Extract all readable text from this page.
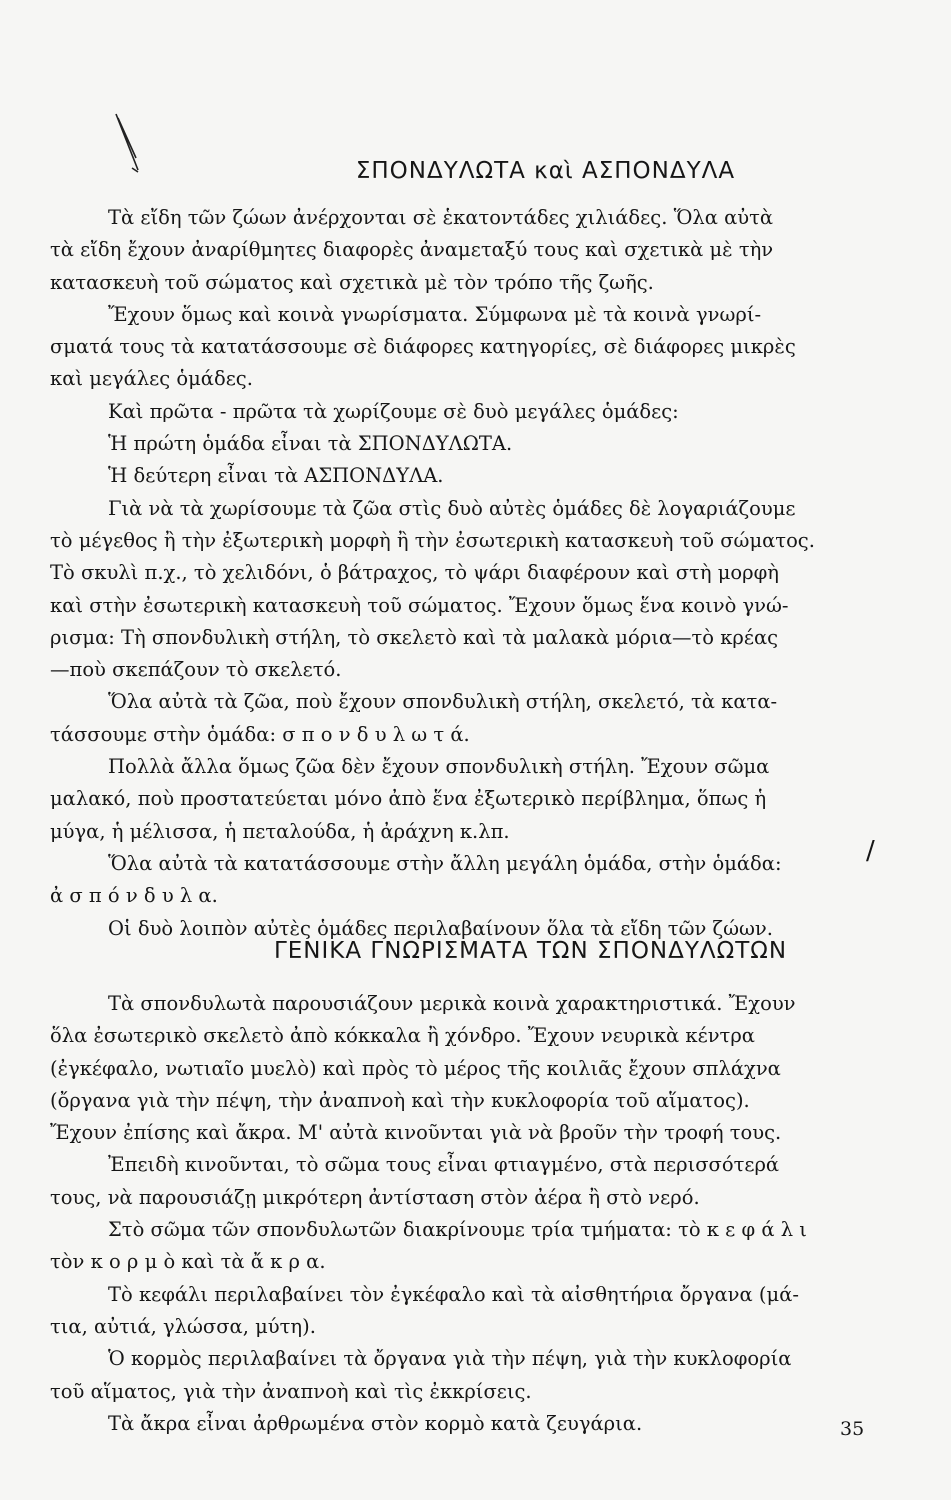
ΣΠΟΝΔΥΛΩΤΑ καὶ ΑΣΠΟΝΔΥΛΑ
Τὰ εἴδη τῶν ζώων ἀνέρχονται σὲ ἑκατοντάδες χιλιάδες. Ὅλα αὐτὰ
τὰ εἴδη ἔχουν ἀναρίθμητες διαφορὲς ἀναμεταξύ τους καὶ σχετικὰ μὲ τὴν
κατασκευὴ τοῦ σώματος καὶ σχετικὰ μὲ τὸν τρόπο τῆς ζωῆς.
Ἔχουν ὅμως καὶ κοινὰ γνωρίσματα. Σύμφωνα μὲ τὰ κοινὰ γνωρί-
σματά τους τὰ κατατάσσουμε σὲ διάφορες κατηγορίες, σὲ διάφορες μικρὲς
καὶ μεγάλες ὁμάδες.
Καὶ πρῶτα - πρῶτα τὰ χωρίζουμε σὲ δυὸ μεγάλες ὁμάδες:
Ἡ πρώτη ὁμάδα εἶναι τὰ ΣΠΟΝΔΥΛΩΤΑ.
Ἡ δεύτερη εἶναι τὰ ΑΣΠΟΝΔΥΛΑ.
Γιὰ νὰ τὰ χωρίσουμε τὰ ζῶα στὶς δυὸ αὐτὲς ὁμάδες δὲ λογαριάζουμε
τὸ μέγεθος ἢ τὴν ἐξωτερικὴ μορφὴ ἢ τὴν ἐσωτερικὴ κατασκευὴ τοῦ σώματος.
Τὸ σκυλὶ π.χ., τὸ χελιδόνι, ὁ βάτραχος, τὸ ψάρι διαφέρουν καὶ στὴ μορφὴ
καὶ στὴν ἐσωτερικὴ κατασκευὴ τοῦ σώματος. Ἔχουν ὅμως ἕνα κοινὸ γνώ-
ρισμα: Τὴ σπονδυλικὴ στήλη, τὸ σκελετὸ καὶ τὰ μαλακὰ μόρια—τὸ κρέας
—ποὺ σκεπάζουν τὸ σκελετό.
Ὅλα αὐτὰ τὰ ζῶα, ποὺ ἔχουν σπονδυλικὴ στήλη, σκελετό, τὰ κατα-
τάσσουμε στὴν ὁμάδα: σ π ο ν δ υ λ ω τ ά.
Πολλὰ ἄλλα ὅμως ζῶα δὲν ἔχουν σπονδυλικὴ στήλη. Ἔχουν σῶμα
μαλακό, ποὺ προστατεύεται μόνο ἀπὸ ἕνα ἐξωτερικὸ περίβλημα, ὅπως ἡ
μύγα, ἡ μέλισσα, ἡ πεταλούδα, ἡ ἀράχνη κ.λπ.
Ὅλα αὐτὰ τὰ κατατάσσουμε στὴν ἄλλη μεγάλη ὁμάδα, στὴν ὁμάδα:
ἀ σ π ό ν δ υ λ α.
Οἱ δυὸ λοιπὸν αὐτὲς ὁμάδες περιλαβαίνουν ὅλα τὰ εἴδη τῶν ζώων.
/
ΓΕΝΙΚΑ ΓΝΩΡΙΣΜΑΤΑ ΤΩΝ ΣΠΟΝΔΥΛΩΤΩΝ
Τὰ σπονδυλωτὰ παρουσιάζουν μερικὰ κοινὰ χαρακτηριστικά. Ἔχουν
ὅλα ἐσωτερικὸ σκελετὸ ἀπὸ κόκκαλα ἢ χόνδρο. Ἔχουν νευρικὰ κέντρα
(ἐγκέφαλο, νωτιαῖο μυελὸ) καὶ πρὸς τὸ μέρος τῆς κοιλιᾶς ἔχουν σπλάχνα
(ὄργανα γιὰ τὴν πέψη, τὴν ἀναπνοὴ καὶ τὴν κυκλοφορία τοῦ αἵματος).
Ἔχουν ἐπίσης καὶ ἄκρα. Μ' αὐτὰ κινοῦνται γιὰ νὰ βροῦν τὴν τροφή τους.
Ἐπειδὴ κινοῦνται, τὸ σῶμα τους εἶναι φτιαγμένο, στὰ περισσότερά
τους, νὰ παρουσιάζῃ μικρότερη ἀντίσταση στὸν ἀέρα ἢ στὸ νερό.
Στὸ σῶμα τῶν σπονδυλωτῶν διακρίνουμε τρία τμήματα: τὸ κ ε φ ά λ ι
τὸν κ ο ρ μ ὸ καὶ τὰ ἄ κ ρ α.
Τὸ κεφάλι περιλαβαίνει τὸν ἐγκέφαλο καὶ τὰ αἰσθητήρια ὄργανα (μά-
τια, αὐτιά, γλώσσα, μύτη).
Ὁ κορμὸς περιλαβαίνει τὰ ὄργανα γιὰ τὴν πέψη, γιὰ τὴν κυκλοφορία
τοῦ αἵματος, γιὰ τὴν ἀναπνοὴ καὶ τὶς ἐκκρίσεις.
Τὰ ἄκρα εἶναι ἀρθρωμένα στὸν κορμὸ κατὰ ζευγάρια.	35
